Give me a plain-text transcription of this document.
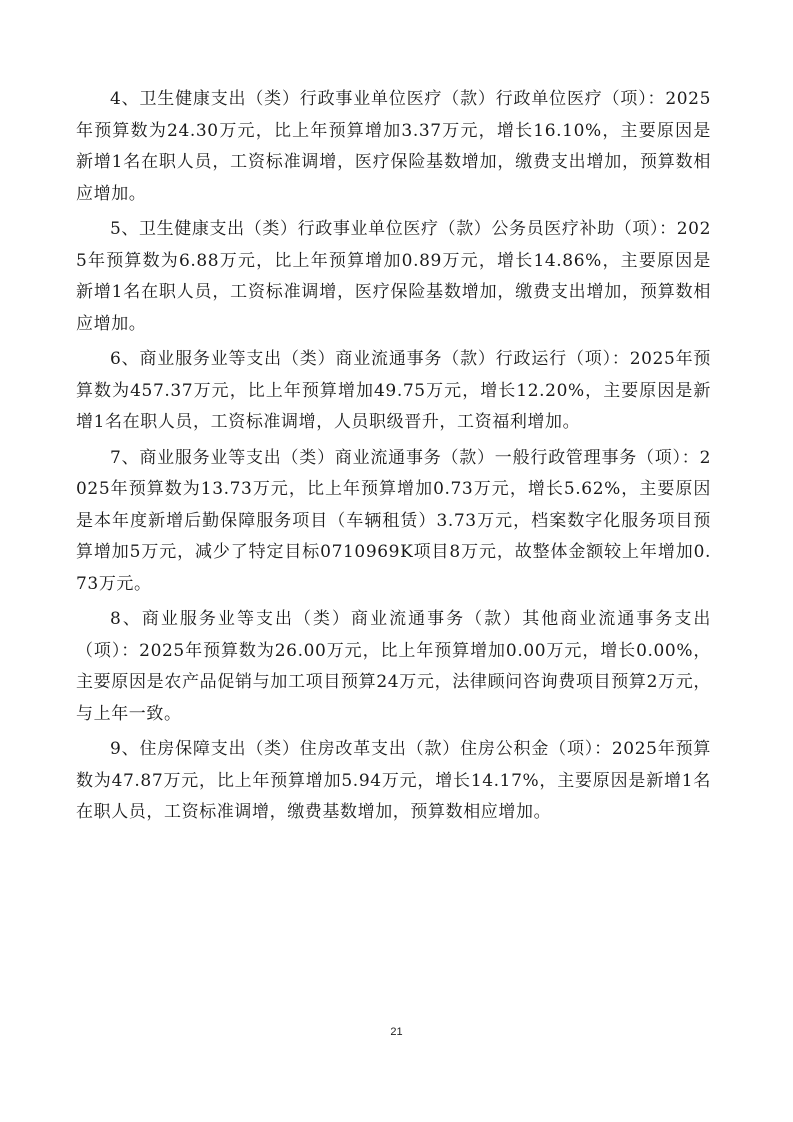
4、卫生健康支出（类）行政事业单位医疗（款）行政单位医疗（项）：2025年预算数为24.30万元，比上年预算增加3.37万元，增长16.10%，主要原因是新增1名在职人员，工资标准调增，医疗保险基数增加，缴费支出增加，预算数相应增加。

5、卫生健康支出（类）行政事业单位医疗（款）公务员医疗补助（项）：2025年预算数为6.88万元，比上年预算增加0.89万元，增长14.86%，主要原因是新增1名在职人员，工资标准调增，医疗保险基数增加，缴费支出增加，预算数相应增加。

6、商业服务业等支出（类）商业流通事务（款）行政运行（项）：2025年预算数为457.37万元，比上年预算增加49.75万元，增长12.20%，主要原因是新增1名在职人员，工资标准调增，人员职级晋升，工资福利增加。

7、商业服务业等支出（类）商业流通事务（款）一般行政管理事务（项）：2025年预算数为13.73万元，比上年预算增加0.73万元，增长5.62%，主要原因是本年度新增后勤保障服务项目（车辆租赁）3.73万元，档案数字化服务项目预算增加5万元，减少了特定目标0710969K项目8万元，故整体金额较上年增加0.73万元。

8、商业服务业等支出（类）商业流通事务（款）其他商业流通事务支出（项）：2025年预算数为26.00万元，比上年预算增加0.00万元，增长0.00%，主要原因是农产品促销与加工项目预算24万元，法律顾问咨询费项目预算2万元，与上年一致。

9、住房保障支出（类）住房改革支出（款）住房公积金（项）：2025年预算数为47.87万元，比上年预算增加5.94万元，增长14.17%，主要原因是新增1名在职人员，工资标准调增，缴费基数增加，预算数相应增加。

21
